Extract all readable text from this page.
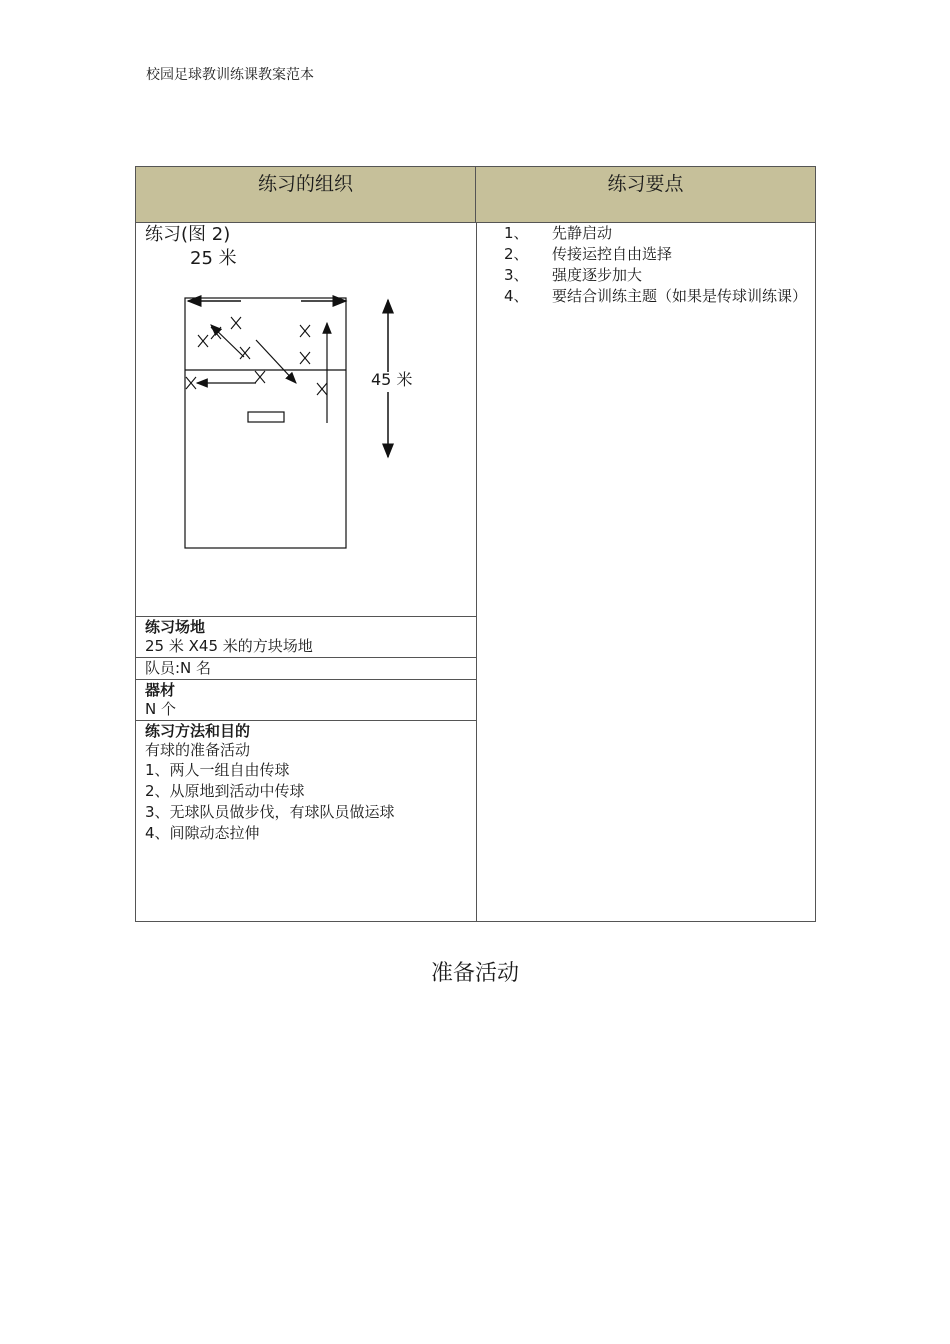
校园足球教训练课教案范本
练习的组织	练习要点
练习(图 2)
25 米
45 米
练习场地
25 米 X45 米的方块场地
队员:N 名
器材
N 个
练习方法和目的
有球的准备活动
1、两人一组自由传球
2、从原地到活动中传球
3、无球队员做步伐，有球队员做运球
4、间隙动态拉伸
1、 先静启动
2、 传接运控自由选择
3、 强度逐步加大
4、 要结合训练主题（如果是传球训练课）
准备活动
